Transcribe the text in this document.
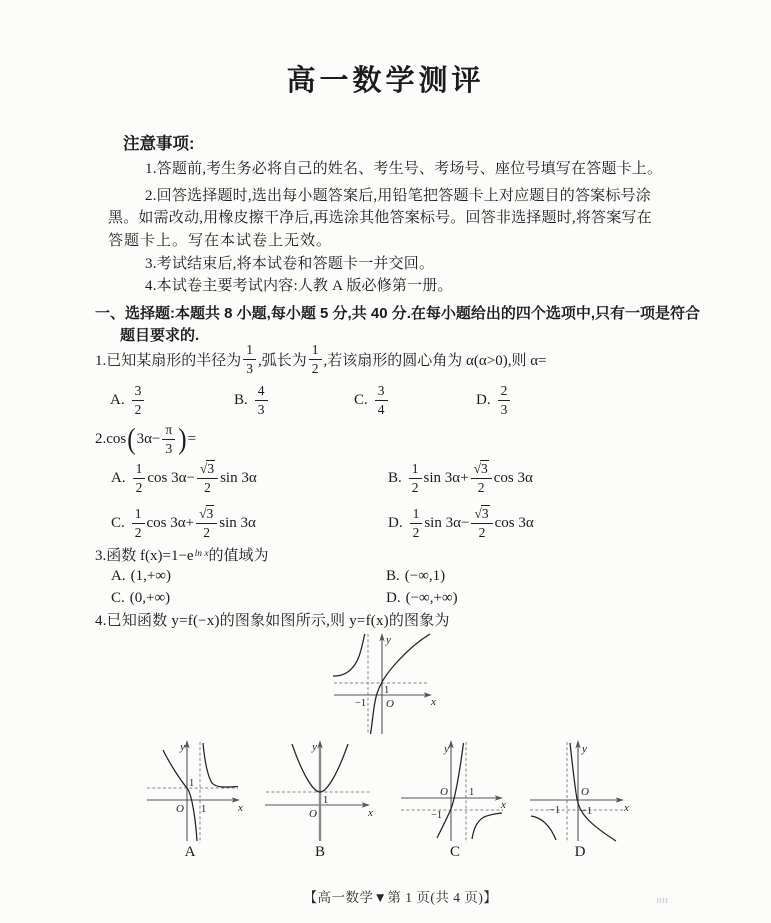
高一数学测评
注意事项:
1.答题前,考生务必将自己的姓名、考生号、考场号、座位号填写在答题卡上。
2.回答选择题时,选出每小题答案后,用铅笔把答题卡上对应题目的答案标号涂
黑。如需改动,用橡皮擦干净后,再选涂其他答案标号。回答非选择题时,将答案写在
答题卡上。写在本试卷上无效。
3.考试结束后,将本试卷和答题卡一并交回。
4.本试卷主要考试内容:人教 A 版必修第一册。
一、选择题:本题共 8 小题,每小题 5 分,共 40 分.在每小题给出的四个选项中,只有一项是符合
题目要求的.
1.已知某扇形的半径为 $\frac{1}{3}$ ,弧长为 $\frac{1}{2}$ ,若该扇形的圆心角为 α(α>0),则 α=
A. $\frac{3}{2}$	B. $\frac{4}{3}$	C. $\frac{3}{4}$	D. $\frac{2}{3}$
2.cos ( $3\alpha- \frac{\pi}{3}$ ) =
A. $\frac{1}{2}$ $\cos 3\alpha- \frac{√3}{2}$ sin 3α	B. $\frac{1}{2}$ $\sin 3\alpha+ \frac{√3}{2}$ cos 3α
C. $\frac{1}{2}$ $\cos 3\alpha+ \frac{√3}{2}$ sin 3α	D. $\frac{1}{2}$ $\sin 3\alpha- \frac{√3}{2}$ cos 3α
3.函数 f(x)=1−e ln x 的值域为
A. (1,+∞)	B. (−∞,1)
C. (0,+∞)	D. (−∞,+∞)
4.已知函数 y=f(−x)的图象如图所示,则 y=f(x)的图象为
y
x
O
1
−1
y
x
O
1
1
A
y
x
O
1
B
y
x
O 1
−1
C
y
x
O
−1 −1
D
【高一数学▼第 1 页(共 4 页)】
